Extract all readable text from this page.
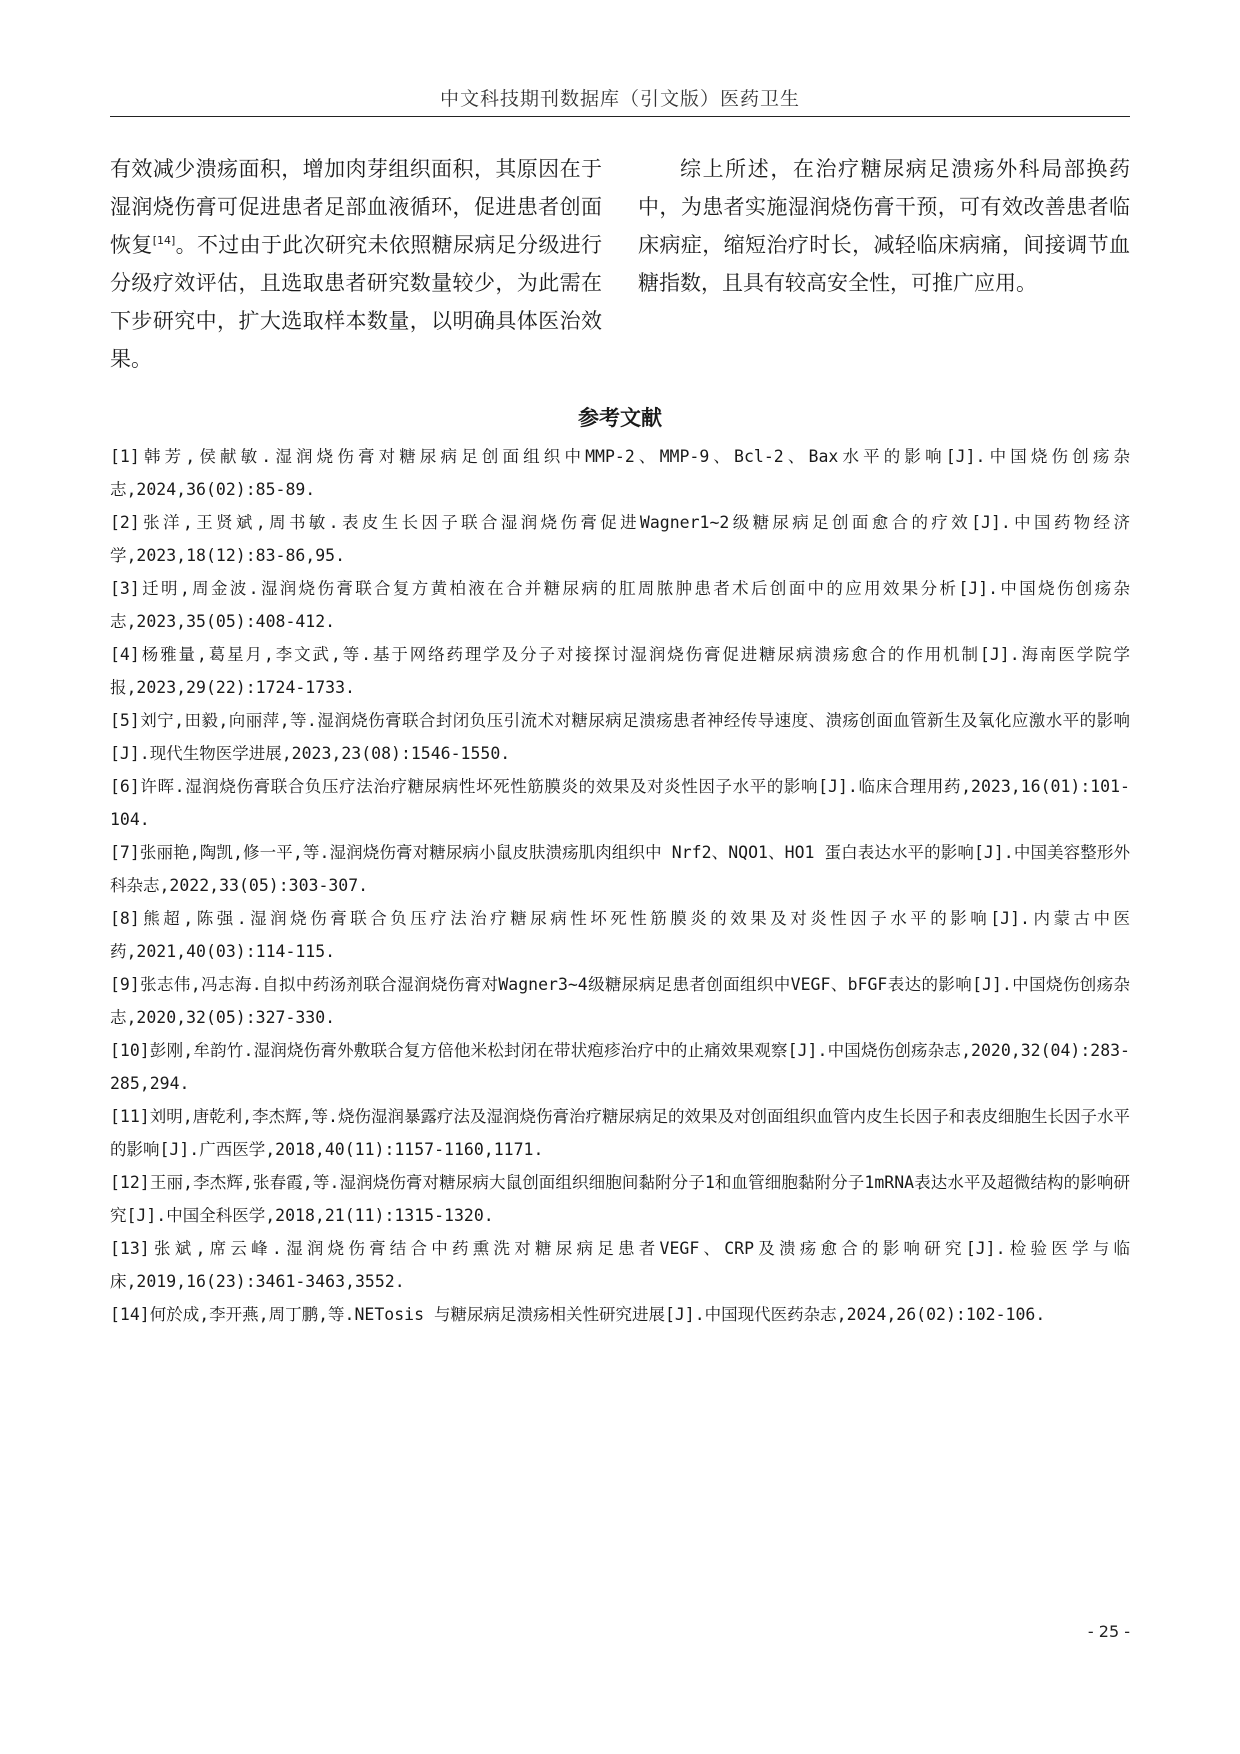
中文科技期刊数据库（引文版）医药卫生

有效减少溃疡面积，增加肉芽组织面积，其原因在于湿润烧伤膏可促进患者足部血液循环，促进患者创面恢复[14]。不过由于此次研究未依照糖尿病足分级进行分级疗效评估，且选取患者研究数量较少，为此需在下步研究中，扩大选取样本数量，以明确具体医治效果。

综上所述，在治疗糖尿病足溃疡外科局部换药中，为患者实施湿润烧伤膏干预，可有效改善患者临床病症，缩短治疗时长，减轻临床病痛，间接调节血糖指数，且具有较高安全性，可推广应用。

参考文献

[1]韩芳,侯献敏.湿润烧伤膏对糖尿病足创面组织中MMP-2、MMP-9、Bcl-2、Bax水平的影响[J].中国烧伤创疡杂志,2024,36(02):85-89.

[2]张洋,王贤斌,周书敏.表皮生长因子联合湿润烧伤膏促进Wagner1~2级糖尿病足创面愈合的疗效[J].中国药物经济学,2023,18(12):83-86,95.

[3]迁明,周金波.湿润烧伤膏联合复方黄柏液在合并糖尿病的肛周脓肿患者术后创面中的应用效果分析[J].中国烧伤创疡杂志,2023,35(05):408-412.

[4]杨雅量,葛星月,李文武,等.基于网络药理学及分子对接探讨湿润烧伤膏促进糖尿病溃疡愈合的作用机制[J].海南医学院学报,2023,29(22):1724-1733.

[5]刘宁,田毅,向丽萍,等.湿润烧伤膏联合封闭负压引流术对糖尿病足溃疡患者神经传导速度、溃疡创面血管新生及氧化应激水平的影响[J].现代生物医学进展,2023,23(08):1546-1550.

[6]许晖.湿润烧伤膏联合负压疗法治疗糖尿病性坏死性筋膜炎的效果及对炎性因子水平的影响[J].临床合理用药,2023,16(01):101-104.

[7]张丽艳,陶凯,修一平,等.湿润烧伤膏对糖尿病小鼠皮肤溃疡肌肉组织中 Nrf2、NQO1、HO1 蛋白表达水平的影响[J].中国美容整形外科杂志,2022,33(05):303-307.

[8]熊超,陈强.湿润烧伤膏联合负压疗法治疗糖尿病性坏死性筋膜炎的效果及对炎性因子水平的影响[J].内蒙古中医药,2021,40(03):114-115.

[9]张志伟,冯志海.自拟中药汤剂联合湿润烧伤膏对Wagner3~4级糖尿病足患者创面组织中VEGF、bFGF表达的影响[J].中国烧伤创疡杂志,2020,32(05):327-330.

[10]彭刚,牟韵竹.湿润烧伤膏外敷联合复方倍他米松封闭在带状疱疹治疗中的止痛效果观察[J].中国烧伤创疡杂志,2020,32(04):283-285,294.

[11]刘明,唐乾利,李杰辉,等.烧伤湿润暴露疗法及湿润烧伤膏治疗糖尿病足的效果及对创面组织血管内皮生长因子和表皮细胞生长因子水平的影响[J].广西医学,2018,40(11):1157-1160,1171.

[12]王丽,李杰辉,张春霞,等.湿润烧伤膏对糖尿病大鼠创面组织细胞间黏附分子1和血管细胞黏附分子1mRNA表达水平及超微结构的影响研究[J].中国全科医学,2018,21(11):1315-1320.

[13]张斌,席云峰.湿润烧伤膏结合中药熏洗对糖尿病足患者VEGF、CRP及溃疡愈合的影响研究[J].检验医学与临床,2019,16(23):3461-3463,3552.

[14]何於成,李开燕,周丁鹏,等.NETosis 与糖尿病足溃疡相关性研究进展[J].中国现代医药杂志,2024,26(02):102-106.

- 25 -
